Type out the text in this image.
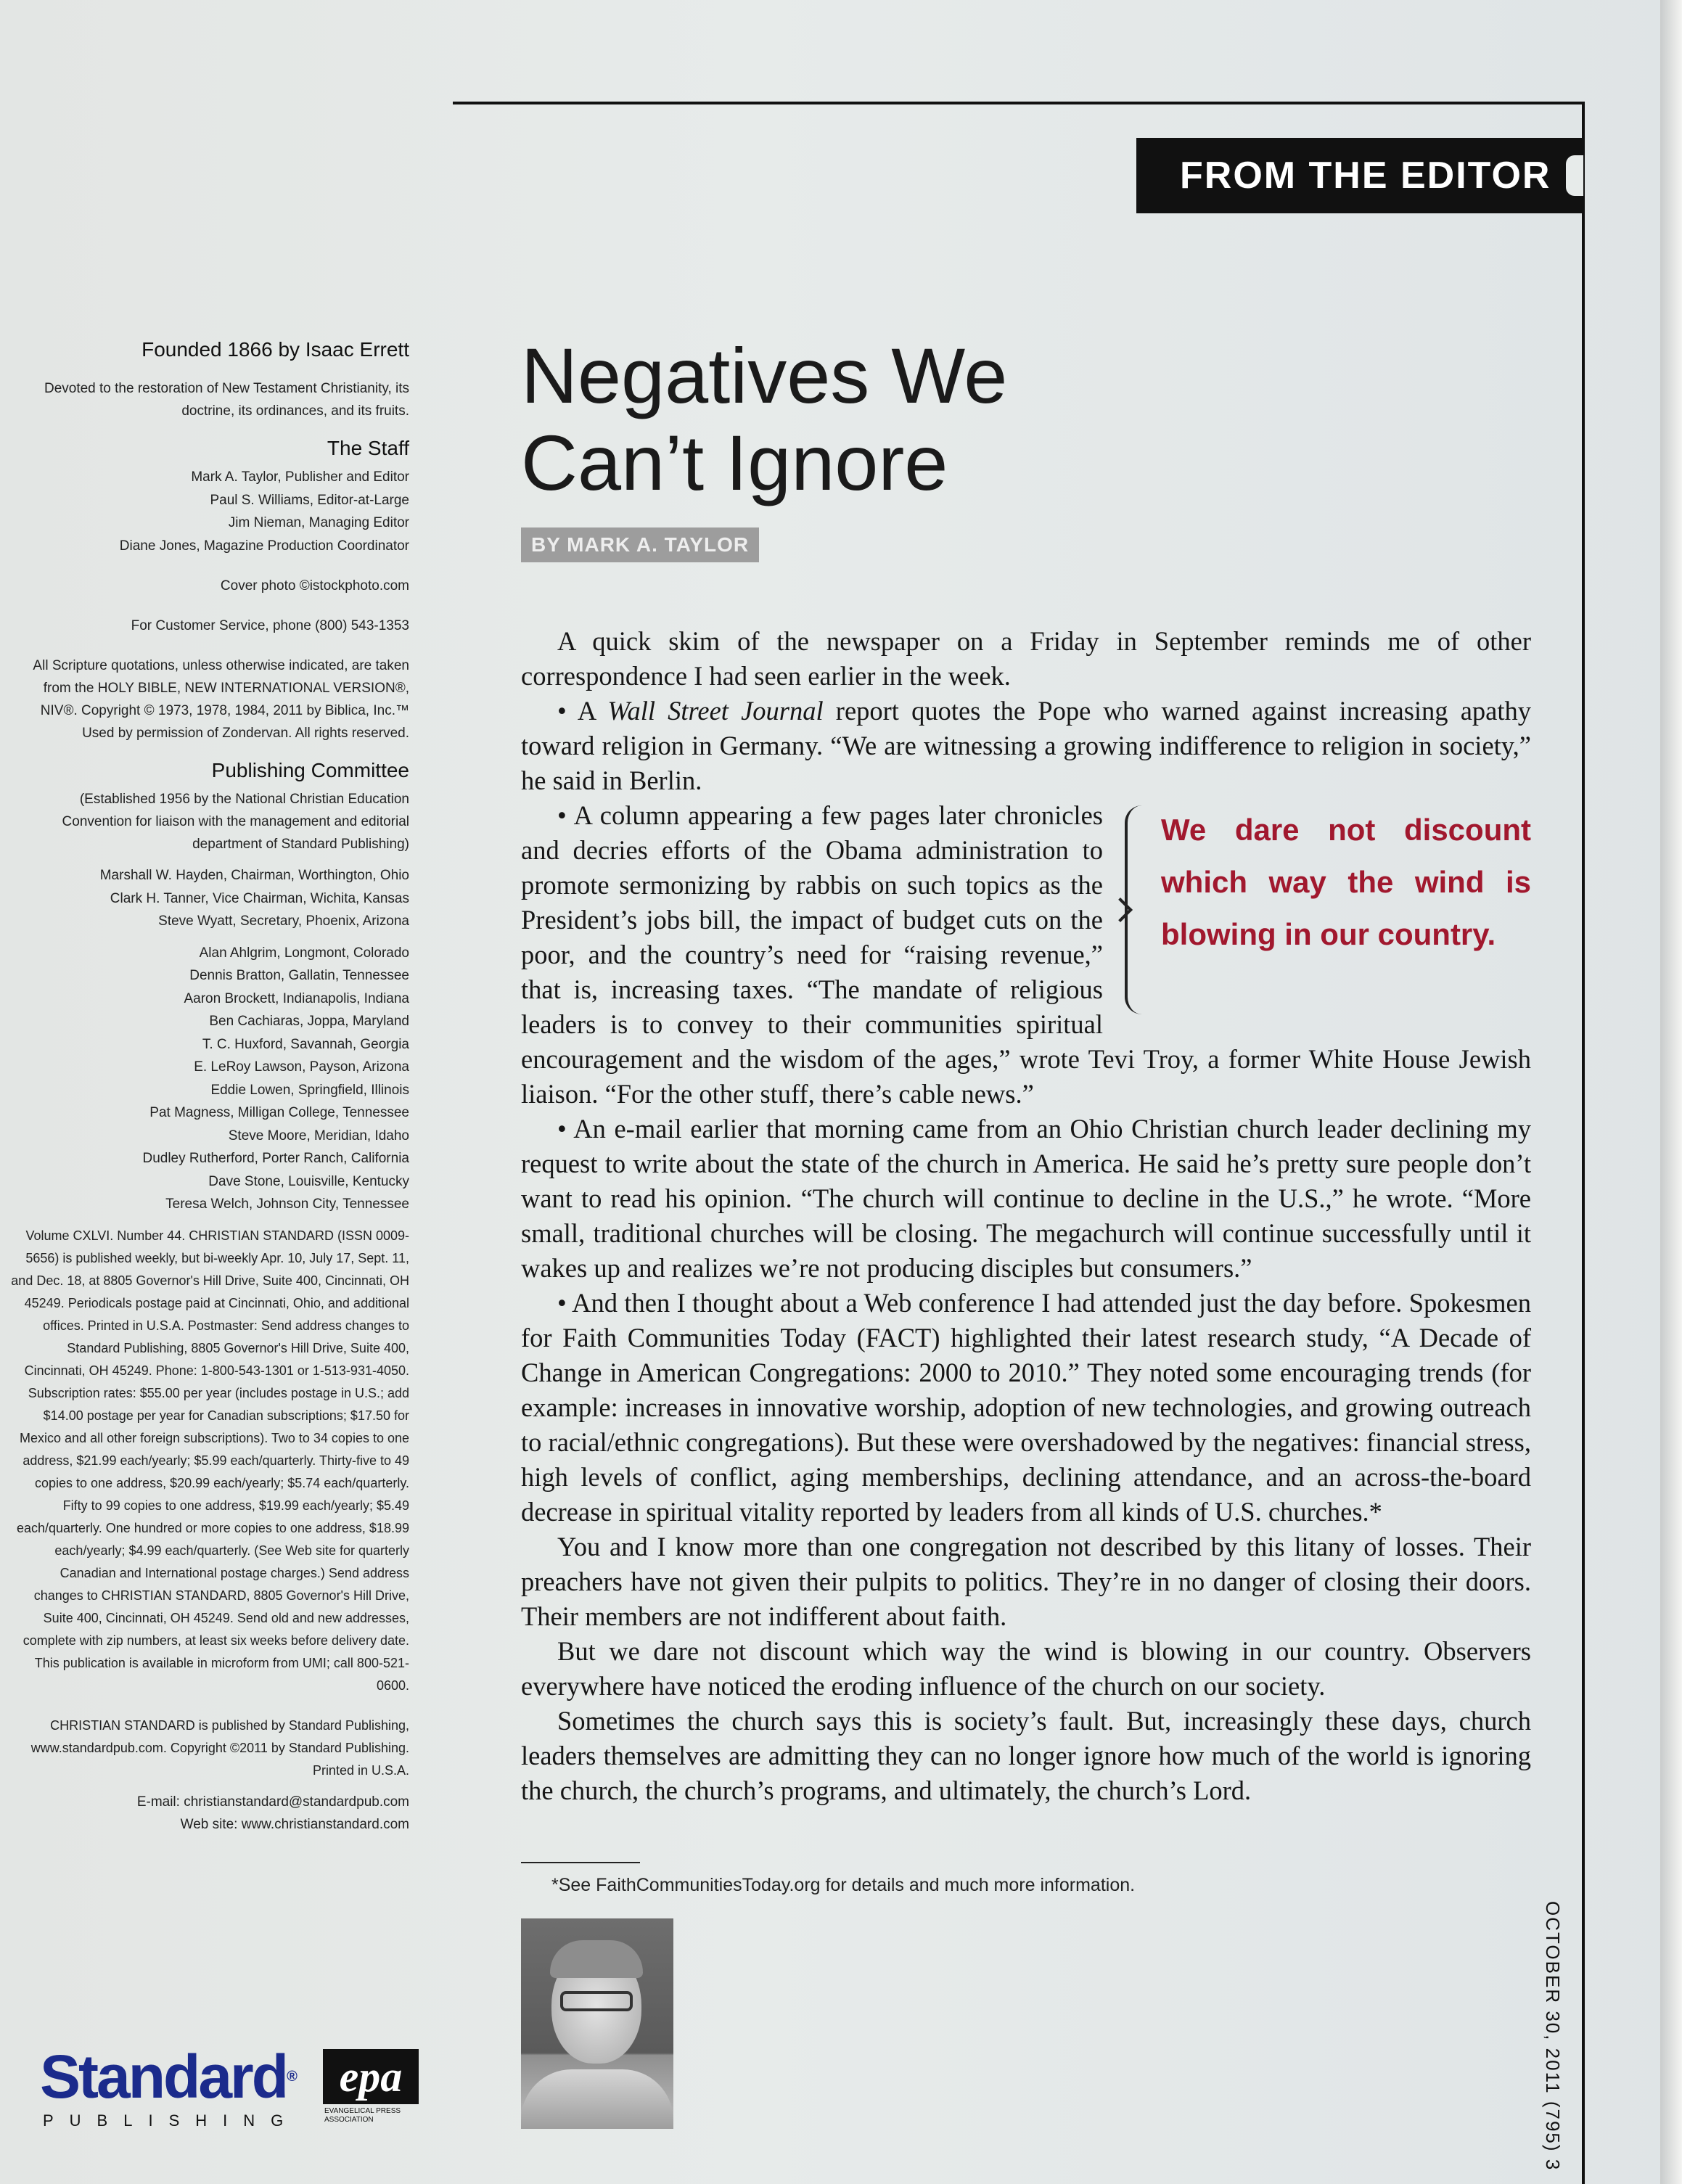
FROM THE EDITOR
Founded 1866 by Isaac Errett
Devoted to the restoration of New Testament Christianity, its doctrine, its ordinances, and its fruits.
The Staff
Mark A. Taylor, Publisher and Editor
Paul S. Williams, Editor-at-Large
Jim Nieman, Managing Editor
Diane Jones, Magazine Production Coordinator
Cover photo ©istockphoto.com
For Customer Service, phone (800) 543-1353
All Scripture quotations, unless otherwise indicated, are taken from the HOLY BIBLE, NEW INTERNATIONAL VERSION®, NIV®. Copyright © 1973, 1978, 1984, 2011 by Biblica, Inc.™ Used by permission of Zondervan. All rights reserved.
Publishing Committee
(Established 1956 by the National Christian Education Convention for liaison with the management and editorial department of Standard Publishing)
Marshall W. Hayden, Chairman, Worthington, Ohio
Clark H. Tanner, Vice Chairman, Wichita, Kansas
Steve Wyatt, Secretary, Phoenix, Arizona
Alan Ahlgrim, Longmont, Colorado
Dennis Bratton, Gallatin, Tennessee
Aaron Brockett, Indianapolis, Indiana
Ben Cachiaras, Joppa, Maryland
T. C. Huxford, Savannah, Georgia
E. LeRoy Lawson, Payson, Arizona
Eddie Lowen, Springfield, Illinois
Pat Magness, Milligan College, Tennessee
Steve Moore, Meridian, Idaho
Dudley Rutherford, Porter Ranch, California
Dave Stone, Louisville, Kentucky
Teresa Welch, Johnson City, Tennessee
Volume CXLVI. Number 44. CHRISTIAN STANDARD (ISSN 0009-5656) is published weekly, but bi-weekly Apr. 10, July 17, Sept. 11, and Dec. 18, at 8805 Governor's Hill Drive, Suite 400, Cincinnati, OH 45249. Periodicals postage paid at Cincinnati, Ohio, and additional offices. Printed in U.S.A. Postmaster: Send address changes to Standard Publishing, 8805 Governor's Hill Drive, Suite 400, Cincinnati, OH 45249. Phone: 1-800-543-1301 or 1-513-931-4050. Subscription rates: $55.00 per year (includes postage in U.S.; add $14.00 postage per year for Canadian subscriptions; $17.50 for Mexico and all other foreign subscriptions). Two to 34 copies to one address, $21.99 each/yearly; $5.99 each/quarterly. Thirty-five to 49 copies to one address, $20.99 each/yearly; $5.74 each/quarterly. Fifty to 99 copies to one address, $19.99 each/yearly; $5.49 each/quarterly. One hundred or more copies to one address, $18.99 each/yearly; $4.99 each/quarterly. (See Web site for quarterly Canadian and International postage charges.) Send address changes to CHRISTIAN STANDARD, 8805 Governor's Hill Drive, Suite 400, Cincinnati, OH 45249. Send old and new addresses, complete with zip numbers, at least six weeks before delivery date. This publication is available in microform from UMI; call 800-521-0600.
CHRISTIAN STANDARD is published by Standard Publishing, www.standardpub.com. Copyright ©2011 by Standard Publishing. Printed in U.S.A.
E-mail: christianstandard@standardpub.com
Web site: www.christianstandard.com
Standard®
PUBLISHING
epa
EVANGELICAL PRESS ASSOCIATION
Negatives We
Can’t Ignore
BY MARK A. TAYLOR

A quick skim of the newspaper on a Friday in September reminds me of other correspondence I had seen earlier in the week.

• A Wall Street Journal report quotes the Pope who warned against increasing apathy toward religion in Germany. “We are witnessing a growing indifference to religion in society,” he said in Berlin.

We dare not discount which way the wind is blowing in our country.

• A column appearing a few pages later chronicles and decries efforts of the Obama administration to promote sermonizing by rabbis on such topics as the President’s jobs bill, the impact of budget cuts on the poor, and the country’s need for “raising revenue,” that is, increasing taxes. “The mandate of religious leaders is to convey to their communities spiritual encouragement and the wisdom of the ages,” wrote Tevi Troy, a former White House Jewish liaison. “For the other stuff, there’s cable news.”

• An e-mail earlier that morning came from an Ohio Christian church leader declining my request to write about the state of the church in America. He said he’s pretty sure people don’t want to read his opinion. “The church will continue to decline in the U.S.,” he wrote. “More small, traditional churches will be closing. The megachurch will continue successfully until it wakes up and realizes we’re not producing disciples but consumers.”

• And then I thought about a Web conference I had attended just the day before. Spokesmen for Faith Communities Today (FACT) highlighted their latest research study, “A Decade of Change in American Congregations: 2000 to 2010.” They noted some encouraging trends (for example: increases in innovative worship, adoption of new technologies, and growing outreach to racial/ethnic congregations). But these were overshadowed by the negatives: financial stress, high levels of conflict, aging memberships, declining attendance, and an across-the-board decrease in spiritual vitality reported by leaders from all kinds of U.S. churches.*

You and I know more than one congregation not described by this litany of losses. Their preachers have not given their pulpits to politics. They’re in no danger of closing their doors. Their members are not indifferent about faith.

But we dare not discount which way the wind is blowing in our country. Observers everywhere have noticed the eroding influence of the church on our society.

Sometimes the church says this is society’s fault. But, increasingly these days, church leaders themselves are admitting they can no longer ignore how much of the world is ignoring the church, the church’s programs, and ultimately, the church’s Lord.

*See FaithCommunitiesToday.org for details and much more information.
OCTOBER 30, 2011 (795) 3
